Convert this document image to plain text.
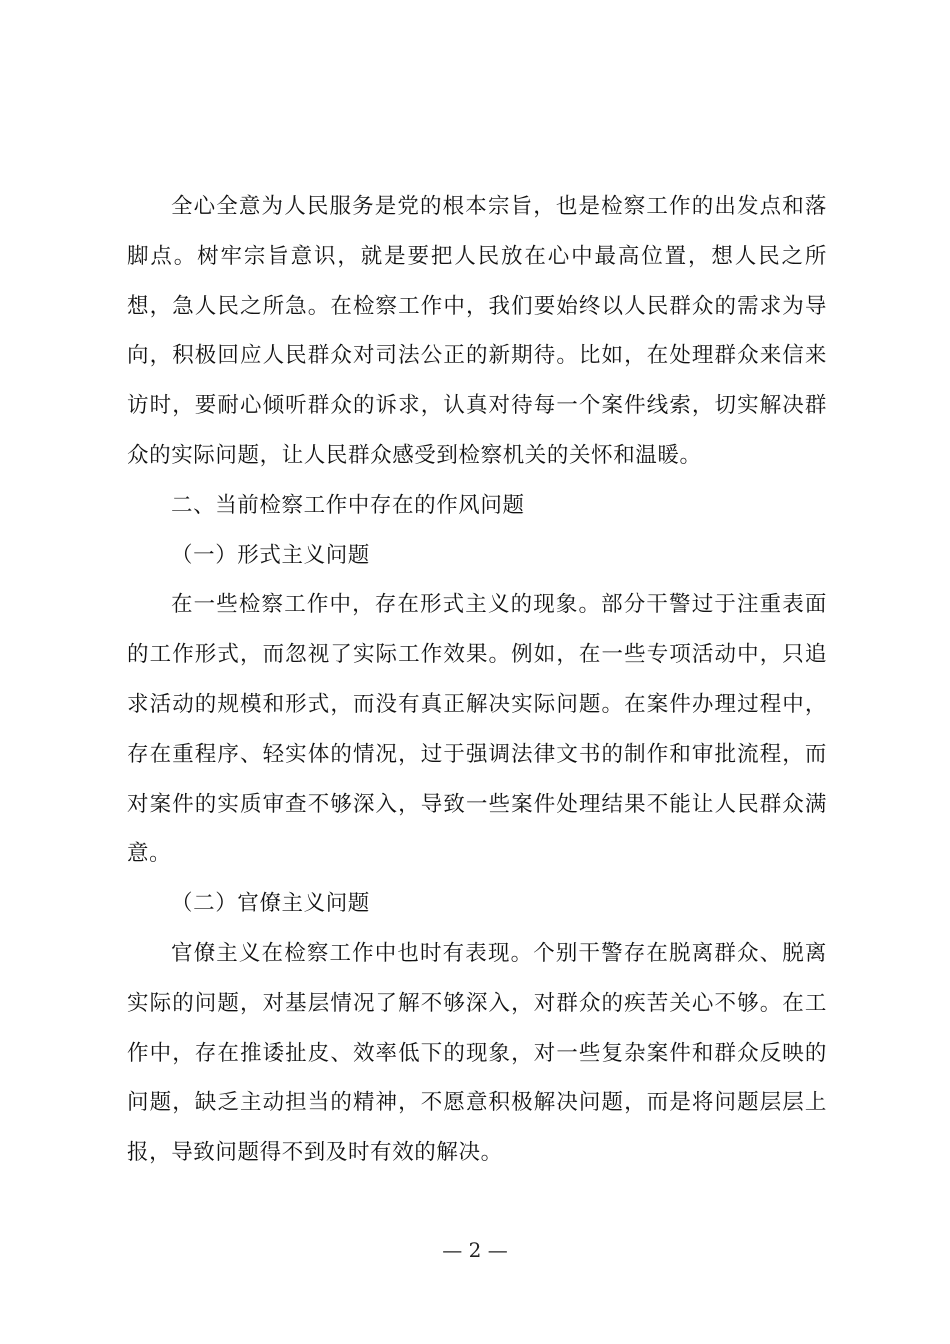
全心全意为人民服务是党的根本宗旨，也是检察工作的出发点和落脚点。树牢宗旨意识，就是要把人民放在心中最高位置，想人民之所想，急人民之所急。在检察工作中，我们要始终以人民群众的需求为导向，积极回应人民群众对司法公正的新期待。比如，在处理群众来信来访时，要耐心倾听群众的诉求，认真对待每一个案件线索，切实解决群众的实际问题，让人民群众感受到检察机关的关怀和温暖。

二、当前检察工作中存在的作风问题

（一）形式主义问题

在一些检察工作中，存在形式主义的现象。部分干警过于注重表面的工作形式，而忽视了实际工作效果。例如，在一些专项活动中，只追求活动的规模和形式，而没有真正解决实际问题。在案件办理过程中，存在重程序、轻实体的情况，过于强调法律文书的制作和审批流程，而对案件的实质审查不够深入，导致一些案件处理结果不能让人民群众满意。

（二）官僚主义问题

官僚主义在检察工作中也时有表现。个别干警存在脱离群众、脱离实际的问题，对基层情况了解不够深入，对群众的疾苦关心不够。在工作中，存在推诿扯皮、效率低下的现象，对一些复杂案件和群众反映的问题，缺乏主动担当的精神，不愿意积极解决问题，而是将问题层层上报，导致问题得不到及时有效的解决。

— 2 —
